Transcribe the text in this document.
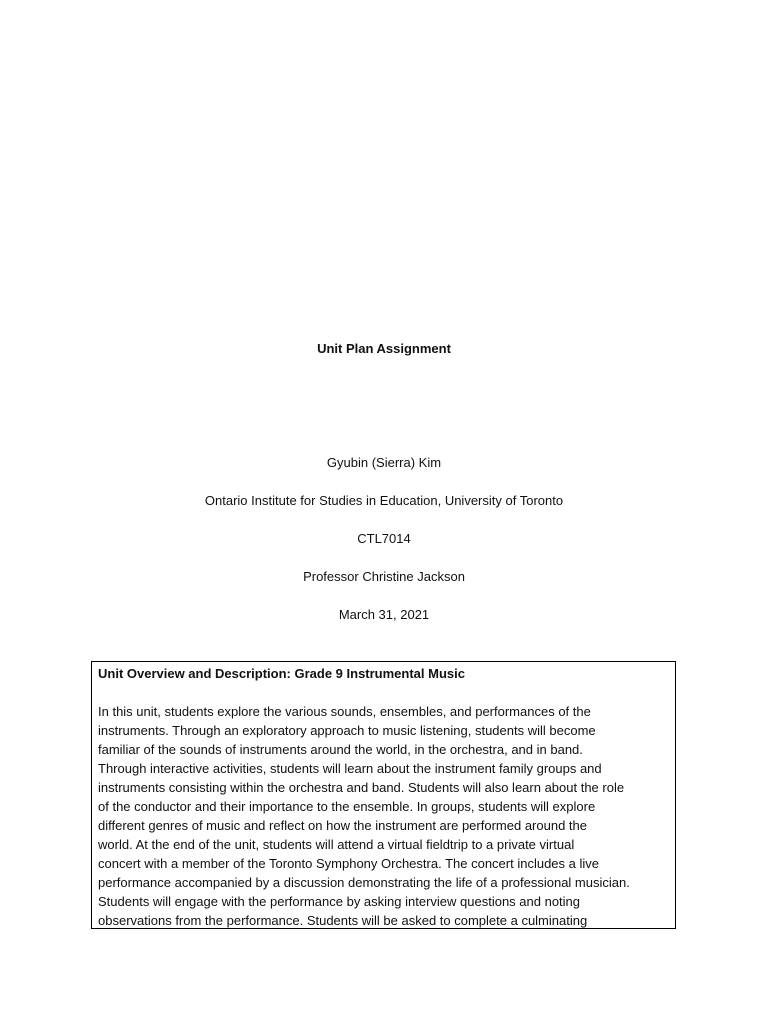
Unit Plan Assignment
Gyubin (Sierra) Kim
Ontario Institute for Studies in Education, University of Toronto
CTL7014
Professor Christine Jackson
March 31, 2021
Unit Overview and Description: Grade 9 Instrumental Music
In this unit, students explore the various sounds, ensembles, and performances of the
instruments. Through an exploratory approach to music listening, students will become
familiar of the sounds of instruments around the world, in the orchestra, and in band.
Through interactive activities, students will learn about the instrument family groups and
instruments consisting within the orchestra and band. Students will also learn about the role
of the conductor and their importance to the ensemble. In groups, students will explore
different genres of music and reflect on how the instrument are performed around the
world. At the end of the unit, students will attend a virtual fieldtrip to a private virtual
concert with a member of the Toronto Symphony Orchestra. The concert includes a live
performance accompanied by a discussion demonstrating the life of a professional musician.
Students will engage with the performance by asking interview questions and noting
observations from the performance. Students will be asked to complete a culminating
